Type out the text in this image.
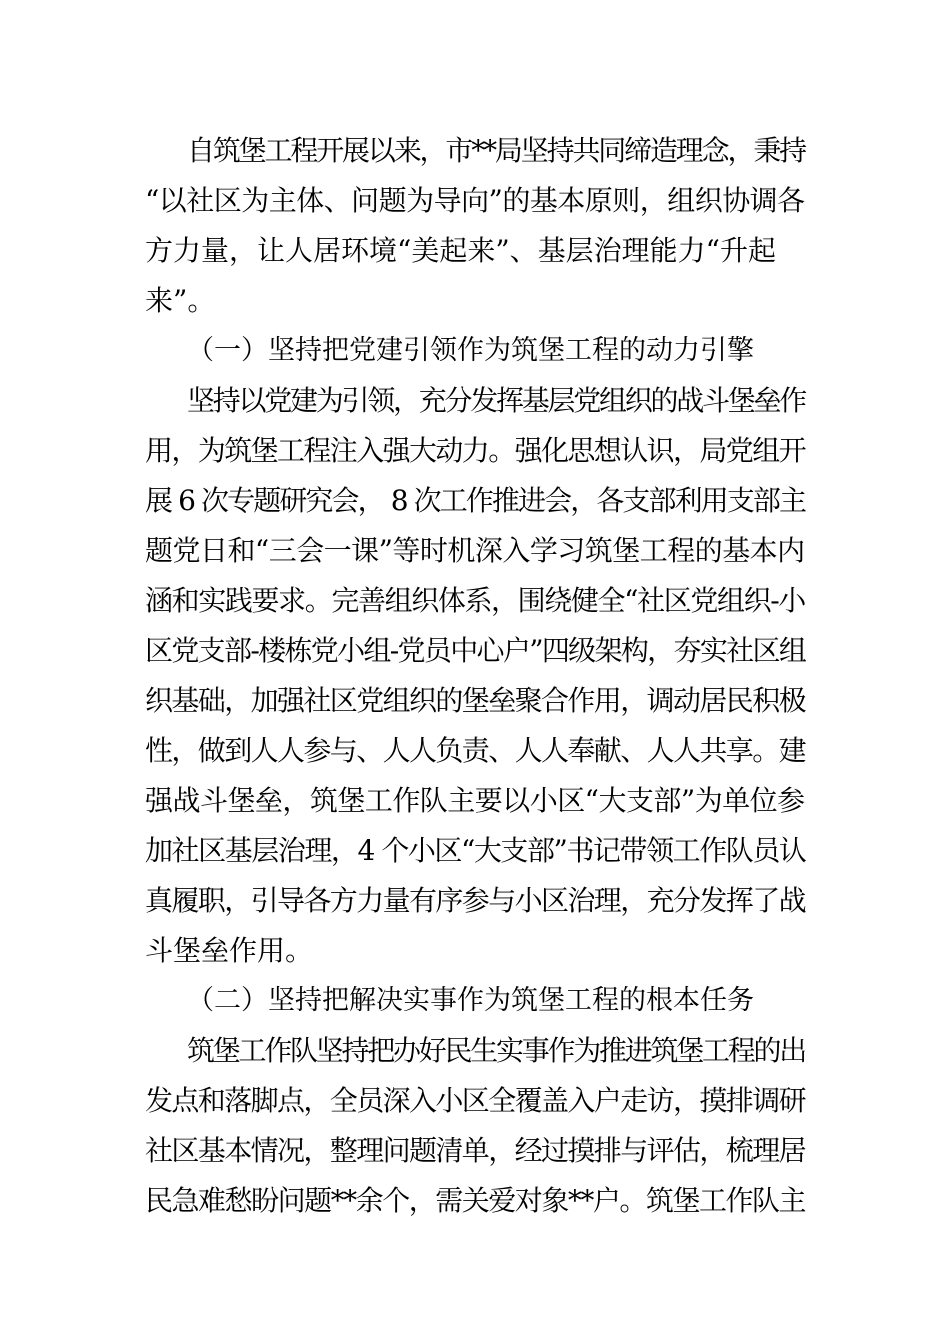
自筑堡工程开展以来，市**局坚持共同缔造理念，秉持
“以社区为主体、问题为导向”的基本原则，组织协调各
方力量，让人居环境“美起来”、基层治理能力“升起
来”。
（一）坚持把党建引领作为筑堡工程的动力引擎
坚持以党建为引领，充分发挥基层党组织的战斗堡垒作
用，为筑堡工程注入强大动力。强化思想认识，局党组开
展 6 次专题研究会， 8 次工作推进会，各支部利用支部主
题党日和“三会一课”等时机深入学习筑堡工程的基本内
涵和实践要求。完善组织体系，围绕健全“社区党组织-小
区党支部-楼栋党小组-党员中心户”四级架构，夯实社区组
织基础，加强社区党组织的堡垒聚合作用，调动居民积极
性，做到人人参与、人人负责、人人奉献、人人共享。建
强战斗堡垒，筑堡工作队主要以小区“大支部”为单位参
加社区基层治理，4 个小区“大支部”书记带领工作队员认
真履职，引导各方力量有序参与小区治理，充分发挥了战
斗堡垒作用。
（二）坚持把解决实事作为筑堡工程的根本任务
筑堡工作队坚持把办好民生实事作为推进筑堡工程的出
发点和落脚点，全员深入小区全覆盖入户走访，摸排调研
社区基本情况，整理问题清单，经过摸排与评估，梳理居
民急难愁盼问题**余个，需关爱对象**户。筑堡工作队主
